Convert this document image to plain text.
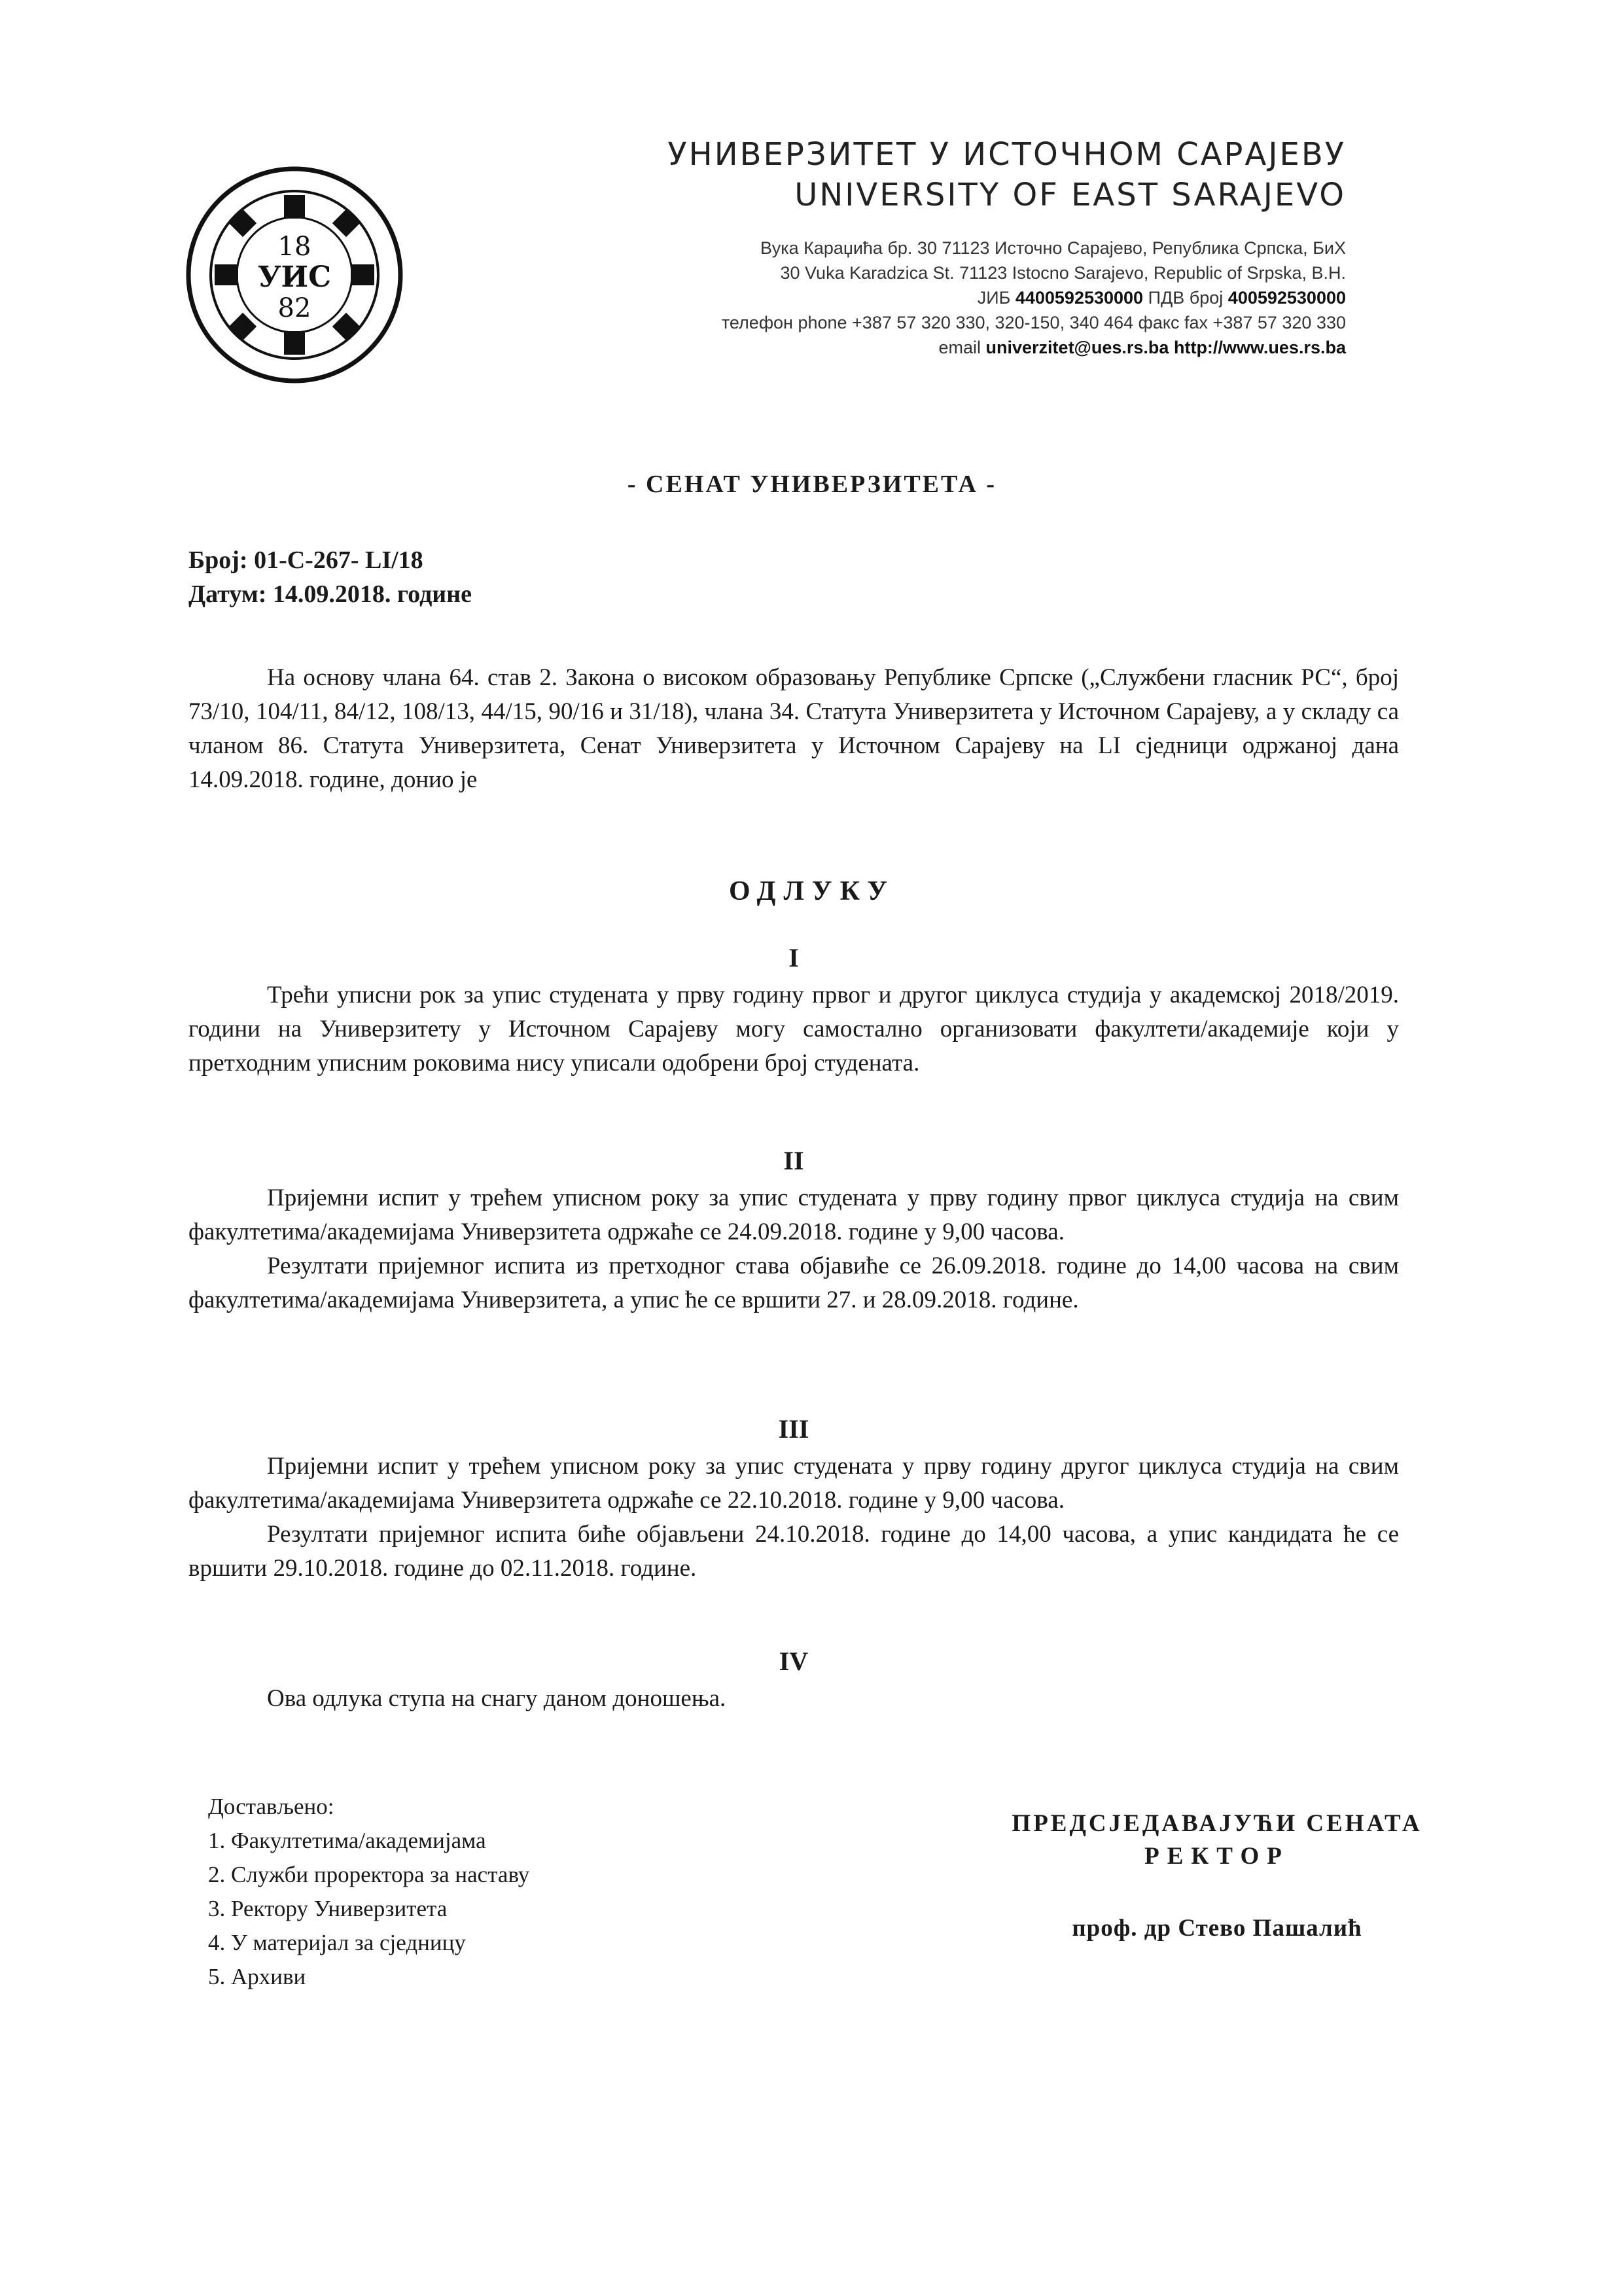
18
УИС
82
УНИВЕРЗИТЕТ У ИСТОЧНОМ САРАЈЕВУ
UNIVERSITY OF EAST SARAJEVO
Вука Караџића бр. 30 71123 Источно Сарајево, Република Српска, БиХ
30 Vuka Karadzica St. 71123 Istocno Sarajevo, Republic of Srpska, B.H.
ЈИБ 4400592530000 ПДВ број 400592530000
телефон phone +387 57 320 330, 320-150, 340 464 факс fax +387 57 320 330
email univerzitet@ues.rs.ba http://www.ues.rs.ba
- СЕНАТ УНИВЕРЗИТЕТА -
Број: 01-С-267- LI/18
Датум: 14.09.2018. године

На основу члана 64. став 2. Закона о високом образовању Републике Српске („Службени гласник РС“, број 73/10, 104/11, 84/12, 108/13, 44/15, 90/16 и 31/18), члана 34. Статута Универзитета у Источном Сарајеву, а у складу са чланом 86. Статута Универзитета, Сенат Универзитета у Источном Сарајеву на LI сједници одржаној дана 14.09.2018. године, донио је

ОДЛУКУ
I

Трећи уписни рок за упис студената у прву годину првог и другог циклуса студија у академској 2018/2019. години на Универзитету у Источном Сарајеву могу самостално организовати факултети/академије који у претходним уписним роковима нису уписали одобрени број студената.

II

Пријемни испит у трећем уписном року за упис студената у прву годину првог циклуса студија на свим факултетима/академијама Универзитета одржаће се 24.09.2018. године у 9,00 часова.

Резултати пријемног испита из претходног става објавиће се 26.09.2018. године до 14,00 часова на свим факултетима/академијама Универзитета, а упис ће се вршити 27. и 28.09.2018. године.

III

Пријемни испит у трећем уписном року за упис студената у прву годину другог циклуса студија на свим факултетима/академијама Универзитета одржаће се 22.10.2018. године у 9,00 часова.

Резултати пријемног испита биће објављени 24.10.2018. године до 14,00 часова, а упис кандидата ће се вршити 29.10.2018. године до 02.11.2018. године.

IV

Ова одлука ступа на снагу даном доношења.

Достављено:
1. Факултетима/академијама
2. Служби проректора за наставу
3. Ректору Универзитета
4. У материјал за сједницу
5. Архиви
ПРЕДСЈЕДАВАЈУЋИ СЕНАТА
РЕКТОР
проф. др Стево Пашалић
